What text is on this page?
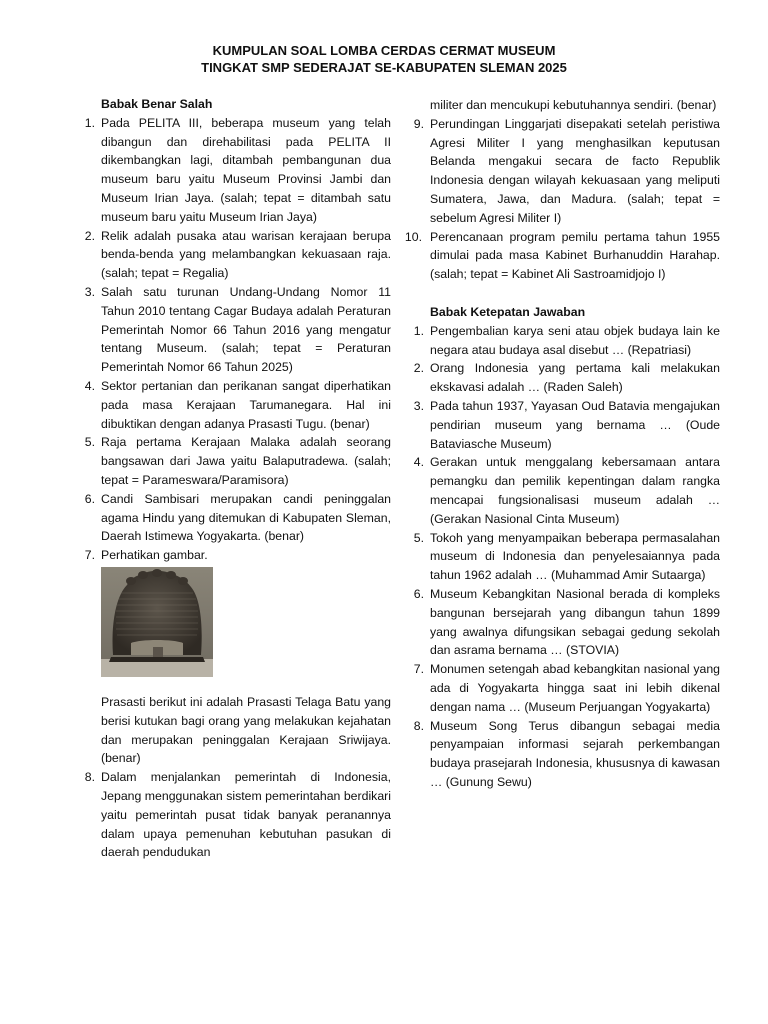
KUMPULAN SOAL LOMBA CERDAS CERMAT MUSEUM
TINGKAT SMP SEDERAJAT SE-KABUPATEN SLEMAN 2025

Babak Benar Salah

1. Pada PELITA III, beberapa museum yang telah dibangun dan direhabilitasi pada PELITA II dikembangkan lagi, ditambah pembangunan dua museum baru yaitu Museum Provinsi Jambi dan Museum Irian Jaya. (salah; tepat = ditambah satu museum baru yaitu Museum Irian Jaya)

2. Relik adalah pusaka atau warisan kerajaan berupa benda-benda yang melambangkan kekuasaan raja. (salah; tepat = Regalia)

3. Salah satu turunan Undang-Undang Nomor 11 Tahun 2010 tentang Cagar Budaya adalah Peraturan Pemerintah Nomor 66 Tahun 2016 yang mengatur tentang Museum. (salah; tepat = Peraturan Pemerintah Nomor 66 Tahun 2025)

4. Sektor pertanian dan perikanan sangat diperhatikan pada masa Kerajaan Tarumanegara. Hal ini dibuktikan dengan adanya Prasasti Tugu. (benar)

5. Raja pertama Kerajaan Malaka adalah seorang bangsawan dari Jawa yaitu Balaputradewa. (salah; tepat = Parameswara/Paramisora)

6. Candi Sambisari merupakan candi peninggalan agama Hindu yang ditemukan di Kabupaten Sleman, Daerah Istimewa Yogyakarta. (benar)

7. Perhatikan gambar.

Prasasti berikut ini adalah Prasasti Telaga Batu yang berisi kutukan bagi orang yang melakukan kejahatan dan merupakan peninggalan Kerajaan Sriwijaya. (benar)

8. Dalam menjalankan pemerintah di Indonesia, Jepang menggunakan sistem pemerintahan berdikari yaitu pemerintah pusat tidak banyak peranannya dalam upaya pemenuhan kebutuhan pasukan di daerah pendudukan

militer dan mencukupi kebutuhannya sendiri. (benar)

9. Perundingan Linggarjati disepakati setelah peristiwa Agresi Militer I yang menghasilkan keputusan Belanda mengakui secara de facto Republik Indonesia dengan wilayah kekuasaan yang meliputi Sumatera, Jawa, dan Madura. (salah; tepat = sebelum Agresi Militer I)

10. Perencanaan program pemilu pertama tahun 1955 dimulai pada masa Kabinet Burhanuddin Harahap. (salah; tepat = Kabinet Ali Sastroamidjojo I)

Babak Ketepatan Jawaban

1. Pengembalian karya seni atau objek budaya lain ke negara atau budaya asal disebut … (Repatriasi)

2. Orang Indonesia yang pertama kali melakukan ekskavasi adalah … (Raden Saleh)

3. Pada tahun 1937, Yayasan Oud Batavia mengajukan pendirian museum yang bernama … (Oude Bataviasche Museum)

4. Gerakan untuk menggalang kebersamaan antara pemangku dan pemilik kepentingan dalam rangka mencapai fungsionalisasi museum adalah … (Gerakan Nasional Cinta Museum)

5. Tokoh yang menyampaikan beberapa permasalahan museum di Indonesia dan penyelesaiannya pada tahun 1962 adalah … (Muhammad Amir Sutaarga)

6. Museum Kebangkitan Nasional berada di kompleks bangunan bersejarah yang dibangun tahun 1899 yang awalnya difungsikan sebagai gedung sekolah dan asrama bernama … (STOVIA)

7. Monumen setengah abad kebangkitan nasional yang ada di Yogyakarta hingga saat ini lebih dikenal dengan nama … (Museum Perjuangan Yogyakarta)

8. Museum Song Terus dibangun sebagai media penyampaian informasi sejarah perkembangan budaya prasejarah Indonesia, khususnya di kawasan … (Gunung Sewu)
